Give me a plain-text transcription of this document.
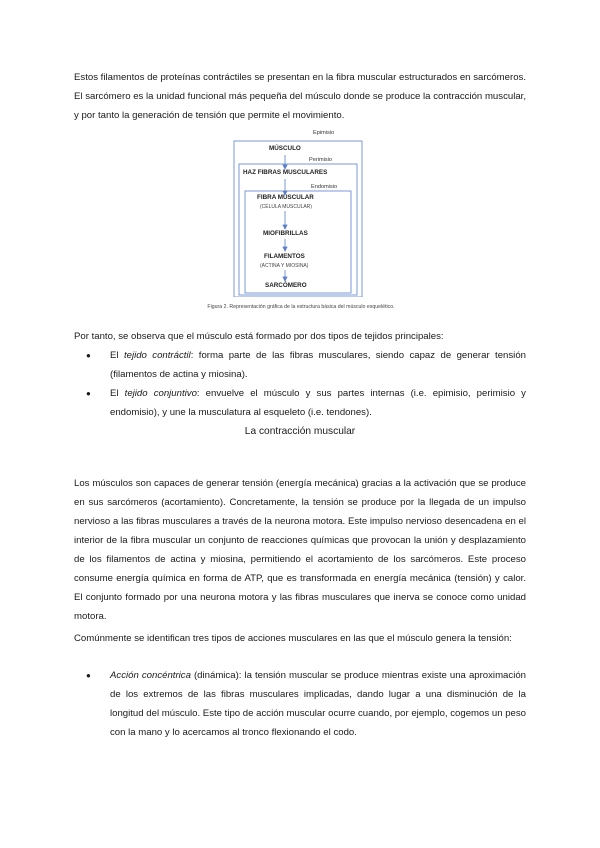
Estos filamentos de proteínas contráctiles se presentan en la fibra muscular estructurados en sarcómeros. El sarcómero es la unidad funcional más pequeña del músculo donde se produce la contracción muscular, y por tanto la generación de tensión que permite el movimiento.

Epimisio
MÚSCULO
Perimisio
HAZ FIBRAS MUSCULARES
Endomisio
FIBRA MUSCULAR
(CÉLULA MUSCULAR)
MIOFIBRILLAS
FILAMENTOS
(ACTINA Y MIOSINA)
SARCÓMERO
Figura 2. Representación gráfica de la estructura básica del músculo esquelético.

Por tanto, se observa que el músculo está formado por dos tipos de tejidos principales:

● El tejido contráctil: forma parte de las fibras musculares, siendo capaz de generar tensión (filamentos de actina y miosina).
● El tejido conjuntivo: envuelve el músculo y sus partes internas (i.e. epimisio, perimisio y endomisio), y une la musculatura al esqueleto (i.e. tendones).
La contracción muscular

Los músculos son capaces de generar tensión (energía mecánica) gracias a la activación que se produce en sus sarcómeros (acortamiento). Concretamente, la tensión se produce por la llegada de un impulso nervioso a las fibras musculares a través de la neurona motora. Este impulso nervioso desencadena en el interior de la fibra muscular un conjunto de reacciones químicas que provocan la unión y desplazamiento de los filamentos de actina y miosina, permitiendo el acortamiento de los sarcómeros. Este proceso consume energía química en forma de ATP, que es transformada en energía mecánica (tensión) y calor. El conjunto formado por una neurona motora y las fibras musculares que inerva se conoce como unidad motora.

Comúnmente se identifican tres tipos de acciones musculares en las que el músculo genera la tensión:

● Acción concéntrica (dinámica): la tensión muscular se produce mientras existe una aproximación de los extremos de las fibras musculares implicadas, dando lugar a una disminución de la longitud del músculo. Este tipo de acción muscular ocurre cuando, por ejemplo, cogemos un peso con la mano y lo acercamos al tronco flexionando el codo.
